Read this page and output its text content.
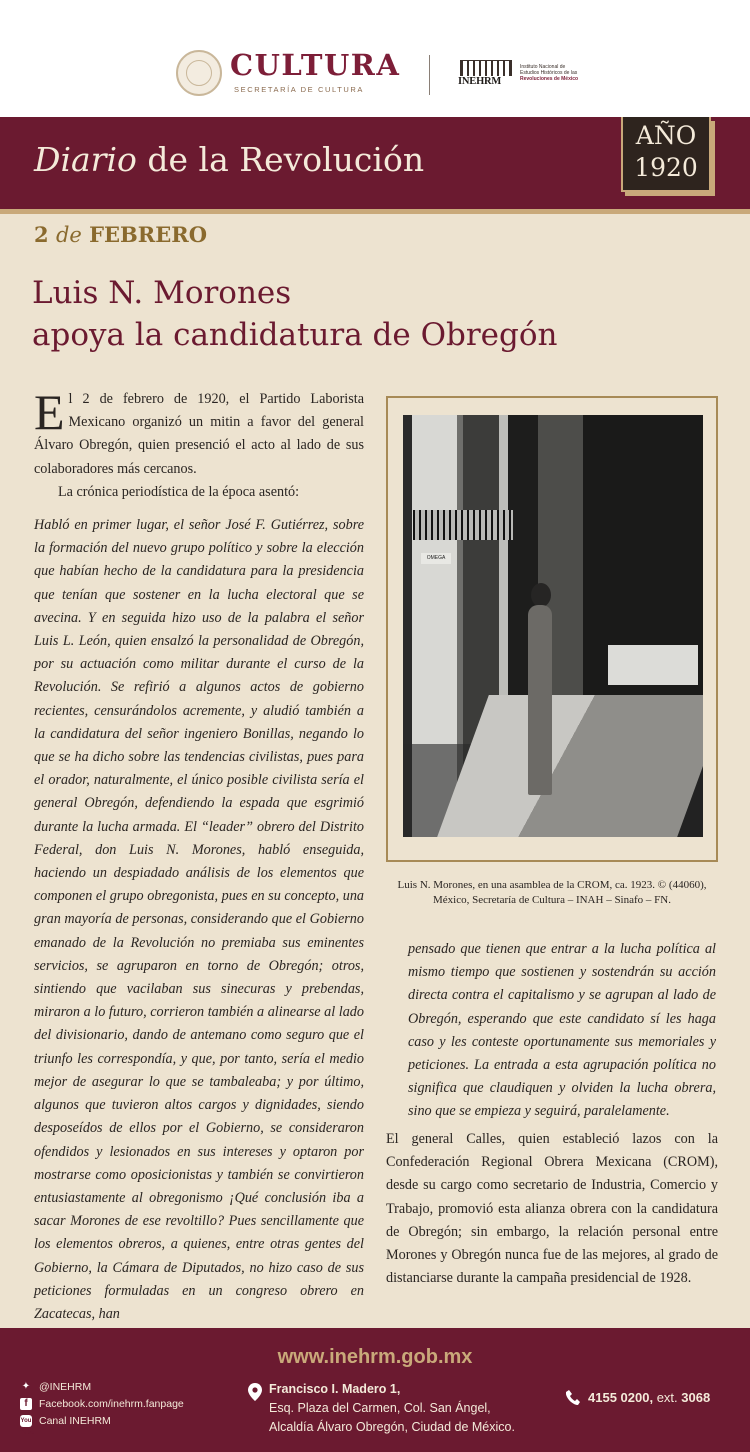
CULTURA
SECRETARÍA DE CULTURA
INEHRM
Instituto Nacional de
Estudios Históricos de las
Revoluciones de México
Diario de la Revolución
AÑO
1920
2 de FEBRERO
Luis N. Morones
apoya la candidatura de Obregón
El 2 de febrero de 1920, el Partido Laborista Mexicano organizó un mitin a favor del general Álvaro Obregón, quien presenció el acto al lado de sus colaboradores más cercanos.
La crónica periodística de la época asentó:
Habló en primer lugar, el señor José F. Gutiérrez, sobre la formación del nuevo grupo político y sobre la elección que habían hecho de la candidatura para la presidencia que tenían que sostener en la lucha electoral que se avecina. Y en seguida hizo uso de la palabra el señor Luis L. León, quien ensalzó la personalidad de Obregón, por su actuación como militar durante el curso de la Revolución. Se refirió a algunos actos de gobierno recientes, censurándolos acremente, y aludió también a la candidatura del señor ingeniero Bonillas, negando lo que se ha dicho sobre las tendencias civilistas, pues para el orador, naturalmente, el único posible civilista sería el general Obregón, defendiendo la espada que esgrimió durante la lucha armada. El “leader” obrero del Distrito Federal, don Luis N. Morones, habló enseguida, haciendo un despiadado análisis de los elementos que componen el grupo obregonista, pues en su concepto, una gran mayoría de personas, considerando que el Gobierno emanado de la Revolución no premiaba sus eminentes servicios, se agruparon en torno de Obregón; otros, sintiendo que vacilaban sus sinecuras y prebendas, miraron a lo futuro, corrieron también a alinearse al lado del divisionario, dando de antemano como seguro que el triunfo les correspondía, y que, por tanto, sería el medio mejor de asegurar lo que se tambaleaba; y por último, algunos que tuvieron altos cargos y dignidades, siendo desposeídos de ellos por el Gobierno, se consideraron ofendidos y lesionados en sus intereses y optaron por mostrarse como oposicionistas y también se convirtieron entusiastamente al obregonismo ¡Qué conclusión iba a sacar Morones de ese revoltillo? Pues sencillamente que los elementos obreros, a quienes, entre otras gentes del Gobierno, la Cámara de Diputados, no hizo caso de sus peticiones formuladas en un congreso obrero en Zacatecas, han
OMEGA
Luis N. Morones, en una asamblea de la CROM, ca. 1923. © (44060),
México, Secretaría de Cultura – INAH – Sinafo – FN.
pensado que tienen que entrar a la lucha política al mismo tiempo que sostienen y sostendrán su acción directa contra el capitalismo y se agrupan al lado de Obregón, esperando que este candidato sí les haga caso y les conteste oportunamente sus memoriales y peticiones. La entrada a esta agrupación política no significa que claudiquen y olviden la lucha obrera, sino que se empieza y seguirá, paralelamente.
El general Calles, quien estableció lazos con la Confederación Regional Obrera Mexicana (CROM), desde su cargo como secretario de Industria, Comercio y Trabajo, promovió esta alianza obrera con la candidatura de Obregón; sin embargo, la relación personal entre Morones y Obregón nunca fue de las mejores, al grado de distanciarse durante la campaña presidencial de 1928.
www.inehrm.gob.mx
✦ @INEHRM
f	Facebook.com/inehrm.fanpage
You Tube
Canal INEHRM
Francisco I. Madero 1,
Esq. Plaza del Carmen, Col. San Ángel,
Alcaldía Álvaro Obregón, Ciudad de México.
4155 0200, ext. 3068
